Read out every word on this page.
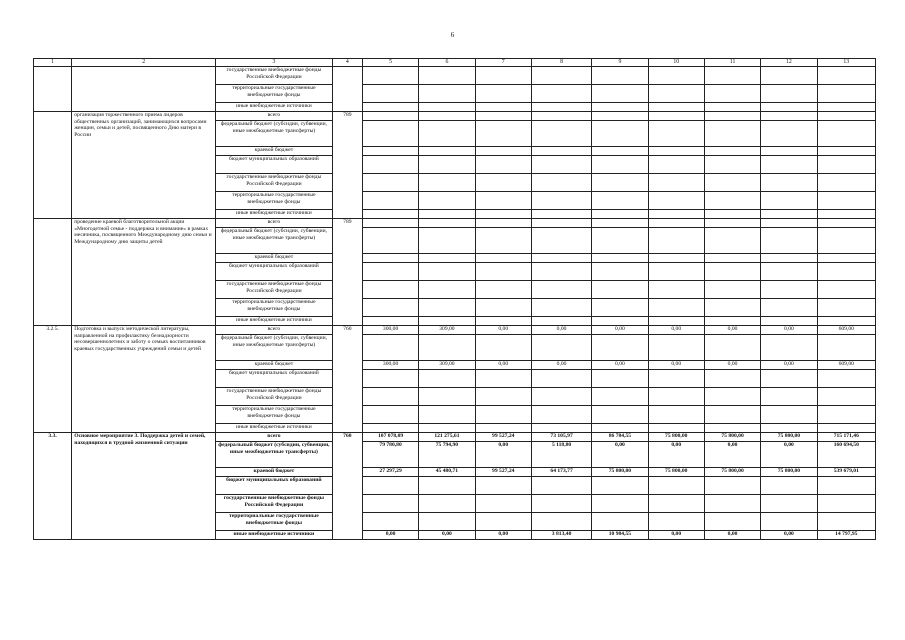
6
1	2	3	4	5	6	7	8	9	10	11	12	13
		государственные внебюджетные фонды Российской Федерации										
		территориальные государственные внебюджетные фонды										
		иные внебюджетные источники										
	организация торжественного приема лидеров общественных организаций, занимающихся вопросами женщин, семьи и детей, посвященного Дню матери в России	всего	789									
		федеральный бюджет (субсидии, субвенции, иные межбюджетные трансферты)										
		краевой бюджет										
		бюджет муниципальных образований										
		государственные внебюджетные фонды Российской Федерации										
		территориальные государственные внебюджетные фонды										
		иные внебюджетные источники										
	проведение краевой благотворительной акции «Многодетной семье - поддержка и внимание» в рамках месячника, посвященного Международному дню семьи и Международному дню защиты детей	всего	789									
		федеральный бюджет (субсидии, субвенции, иные межбюджетные трансферты)										
		краевой бюджет										
		бюджет муниципальных образований										
		государственные внебюджетные фонды Российской Федерации										
		территориальные государственные внебюджетные фонды										
		иные внебюджетные источники										
3.2.5.	Подготовка и выпуск методической литературы, направленной на профилактику безнадзорности несовершеннолетних и заботу о семьях воспитанников краевых государственных учреждений семьи и детей	всего	760	300,00	309,00	0,00	0,00	0,00	0,00	0,00	0,00	609,00
		федеральный бюджет (субсидии, субвенции, иные межбюджетные трансферты)										
		краевой бюджет		300,00	309,00	0,00	0,00	0,00	0,00	0,00	0,00	609,00
		бюджет муниципальных образований										
		государственные внебюджетные фонды Российской Федерации										
		территориальные государственные внебюджетные фонды										
		иные внебюджетные источники										
3.3.	Основное мероприятие 3. Поддержка детей и семей, находящихся в трудной жизненной ситуации	всего	760	107 078,09	121 275,61	99 527,24	73 105,97	86 784,55	75 800,00	75 800,00	75 800,00	715 171,46
		федеральный бюджет (субсидии, субвенции, иные межбюджетные трансферты)		79 780,80	75 794,90	0,00	5 118,80	0,00	0,00	0,00	0,00	160 694,50
		краевой бюджет		27 297,29	45 480,71	99 527,24	64 173,77	75 800,00	75 800,00	75 800,00	75 800,00	539 679,01
		бюджет муниципальных образований										
		государственные внебюджетные фонды Российской Федерации										
		территориальные государственные внебюджетные фонды										
		иные внебюджетные источники		0,00	0,00	0,00	3 813,40	10 984,55	0,00	0,00	0,00	14 797,95
